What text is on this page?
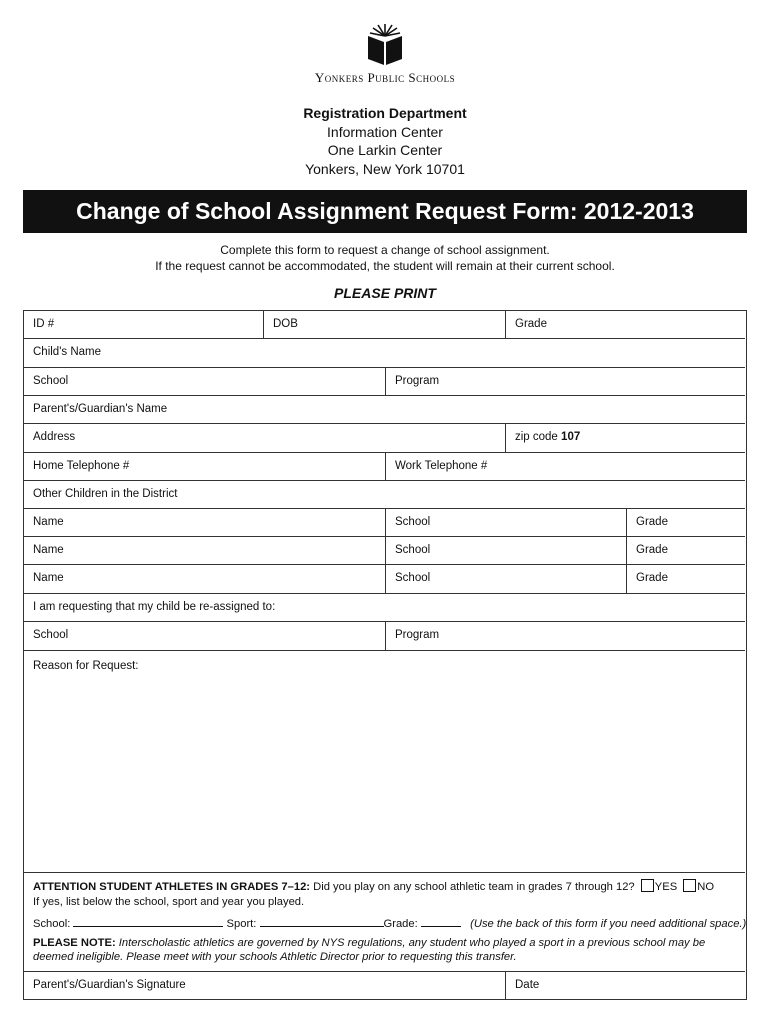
Yonkers Public Schools
Registration Department
Information Center
One Larkin Center
Yonkers, New York 10701
Change of School Assignment Request Form: 2012-2013
Complete this form to request a change of school assignment.
If the request cannot be accommodated, the student will remain at their current school.
PLEASE PRINT
ID #	DOB	Grade
Child's Name
School	Program
Parent's/Guardian's Name
Address	zip code 107
Home Telephone #	Work Telephone #
Other Children in the District
Name	School	Grade
Name	School	Grade
Name	School	Grade
I am requesting that my child be re-assigned to:
School	Program
Reason for Request:
ATTENTION STUDENT ATHLETES IN GRADES 7–12: Did you play on any school athletic team in grades 7 through 12? YES NO
If yes, list below the school, sport and year you played.
School:	Sport:	Grade:	(Use the back of this form if you need additional space.)
PLEASE NOTE: Interscholastic athletics are governed by NYS regulations, any student who played a sport in a previous school may be deemed ineligible. Please meet with your schools Athletic Director prior to requesting this transfer.
Parent's/Guardian's Signature	Date
